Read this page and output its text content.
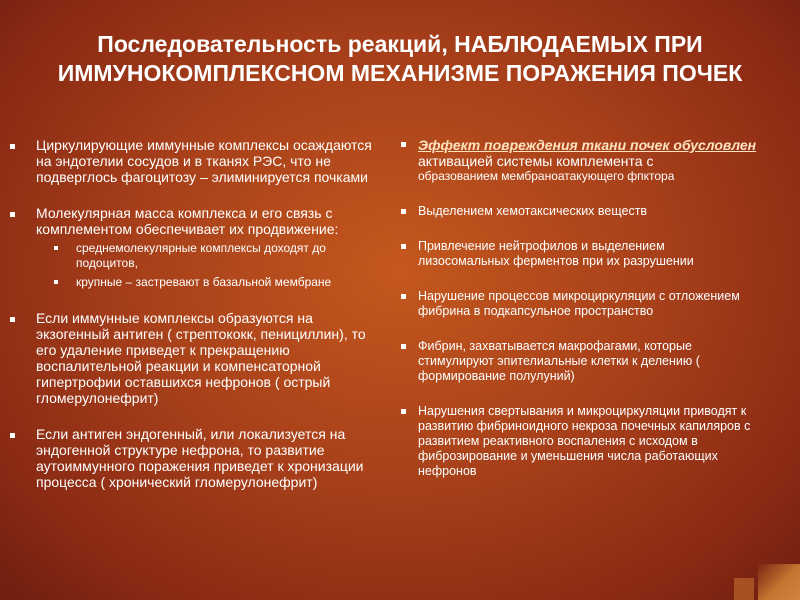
Последовательность реакций, НАБЛЮДАЕМЫХ ПРИ ИММУНОКОМПЛЕКСНОМ МЕХАНИЗМЕ ПОРАЖЕНИЯ ПОЧЕК
Циркулирующие иммунные комплексы осаждаются на эндотелии сосудов и в тканях РЭС, что не подверглось фагоцитозу – элиминируется почками
Молекулярная масса комплекса и его связь с комплементом обеспечивает их продвижение:
среднемолекулярные комплексы доходят до подоцитов,
крупные – застревают в базальной мембране
Если иммунные комплексы образуются на экзогенный антиген ( стрептококк, пенициллин), то его удаление приведет к прекращению воспалительной реакции и компенсаторной гипертрофии оставшихся нефронов ( острый гломерулонефрит)
Если антиген эндогенный, или локализуется на эндогенной структуре нефрона, то развитие аутоиммунного поражения приведет к хронизации процесса ( хронический гломерулонефрит)
Эффект повреждения ткани почек обусловлен
активацией системы комплемента с
образованием мембраноатакующего фпктора
Выделением хемотаксических веществ
Привлечение нейтрофилов и выделением лизосомальных ферментов при их разрушении
Нарушение процессов микроциркуляции с отложением фибрина в подкапсульное пространство
Фибрин, захватывается макрофагами, которые стимулируют эпителиальные клетки к делению ( формирование полулуний)
Нарушения свертывания и микроциркуляции приводят к развитию фибриноидного некроза почечных капиляров с развитием реактивного воспаления с исходом в фиброзирование и уменьшения числа работающих нефронов
